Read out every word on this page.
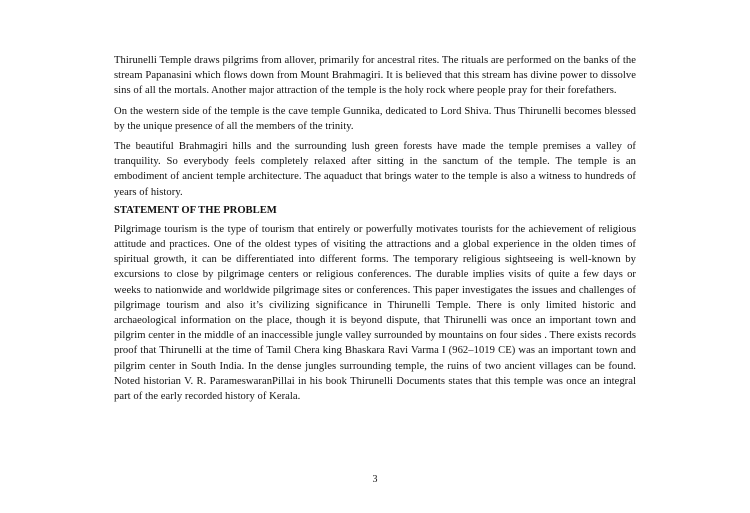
Thirunelli Temple draws pilgrims from allover, primarily for ancestral rites. The rituals are performed on the banks of the stream Papanasini which flows down from Mount Brahmagiri. It is believed that this stream has divine power to dissolve sins of all the mortals. Another major attraction of the temple is the holy rock where people pray for their forefathers.

On the western side of the temple is the cave temple Gunnika, dedicated to Lord Shiva. Thus Thirunelli becomes blessed by the unique presence of all the members of the trinity.

The beautiful Brahmagiri hills and the surrounding lush green forests have made the temple premises a valley of tranquility. So everybody feels completely relaxed after sitting in the sanctum of the temple. The temple is an embodiment of ancient temple architecture. The aquaduct that brings water to the temple is also a witness to hundreds of years of history.

STATEMENT OF THE PROBLEM

Pilgrimage tourism is the type of tourism that entirely or powerfully motivates tourists for the achievement of religious attitude and practices. One of the oldest types of visiting the attractions and a global experience in the olden times of spiritual growth, it can be differentiated into different forms. The temporary religious sightseeing is well-known by excursions to close by pilgrimage centers or religious conferences. The durable implies visits of quite a few days or weeks to nationwide and worldwide pilgrimage sites or conferences. This paper investigates the issues and challenges of pilgrimage tourism and also it’s civilizing significance in Thirunelli Temple. There is only limited historic and archaeological information on the place, though it is beyond dispute, that Thirunelli was once an important town and pilgrim center in the middle of an inaccessible jungle valley surrounded by mountains on four sides . There exists records proof that Thirunelli at the time of Tamil Chera king Bhaskara Ravi Varma I (962–1019 CE) was an important town and pilgrim center in South India. In the dense jungles surrounding temple, the ruins of two ancient villages can be found. Noted historian V. R. ParameswaranPillai in his book Thirunelli Documents states that this temple was once an integral part of the early recorded history of Kerala.

3
